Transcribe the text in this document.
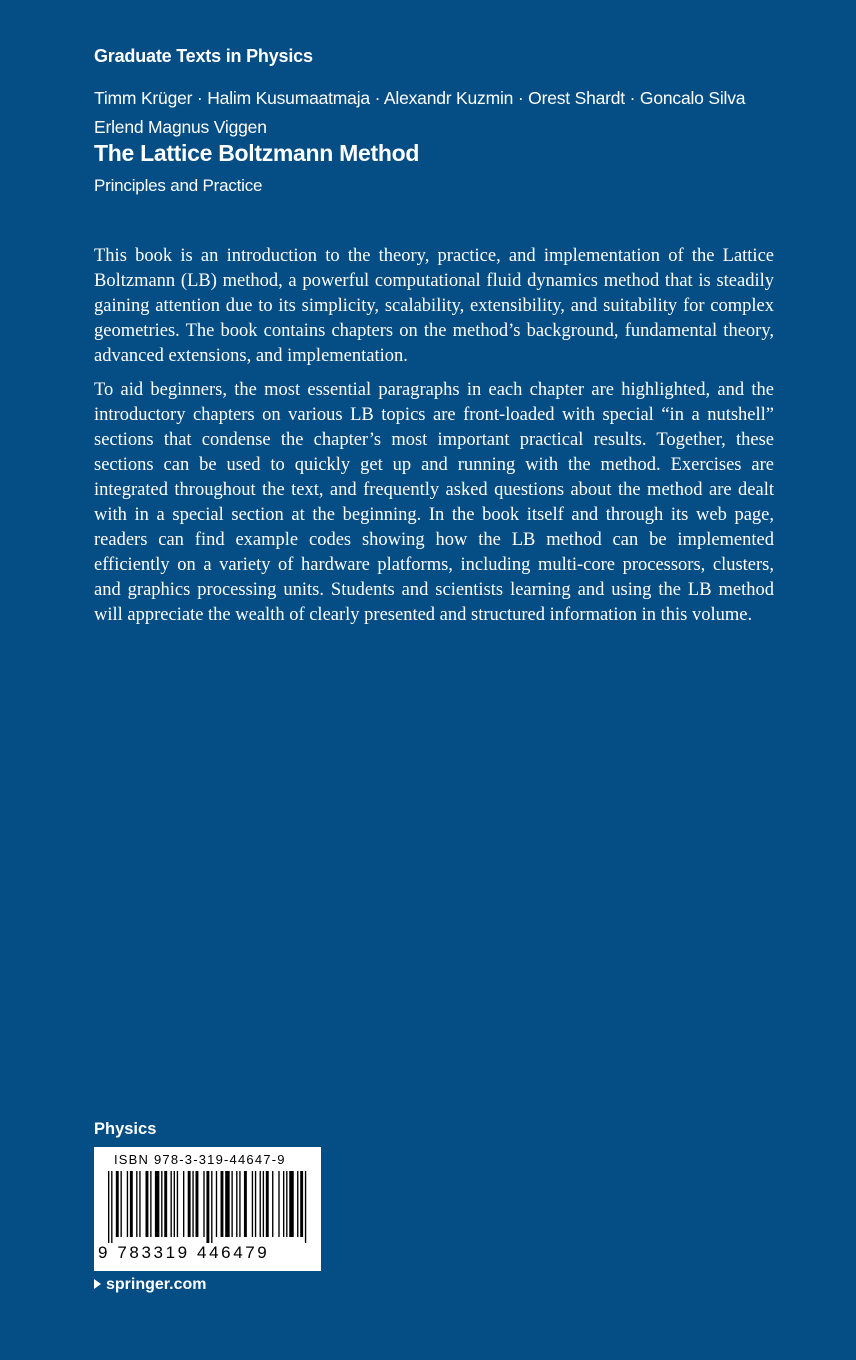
Graduate Texts in Physics
Timm Krüger · Halim Kusumaatmaja · Alexandr Kuzmin · Orest Shardt · Goncalo Silva
Erlend Magnus Viggen
The Lattice Boltzmann Method
Principles and Practice

This book is an introduction to the theory, practice, and implementation of the Lattice Boltzmann (LB) method, a powerful computational fluid dynamics method that is steadily gaining attention due to its simplicity, scalability, extensibility, and suitability for complex geometries. The book contains chapters on the method’s background, fundamental theory, advanced extensions, and implementation.

To aid beginners, the most essential paragraphs in each chapter are highlighted, and the introductory chapters on various LB topics are front-loaded with special “in a nutshell” sections that condense the chapter’s most important practical results. Together, these sections can be used to quickly get up and running with the method. Exercises are integrated throughout the text, and frequently asked questions about the method are dealt with in a special section at the beginning. In the book itself and through its web page, readers can find example codes showing how the LB method can be implemented efficiently on a variety of hardware platforms, including multi-core processors, clusters, and graphics processing units. Students and scientists learning and using the LB method will appreciate the wealth of clearly presented and structured information in this volume.

Physics
ISBN 978-3-319-44647-9
9 783319 446479
springer.com
